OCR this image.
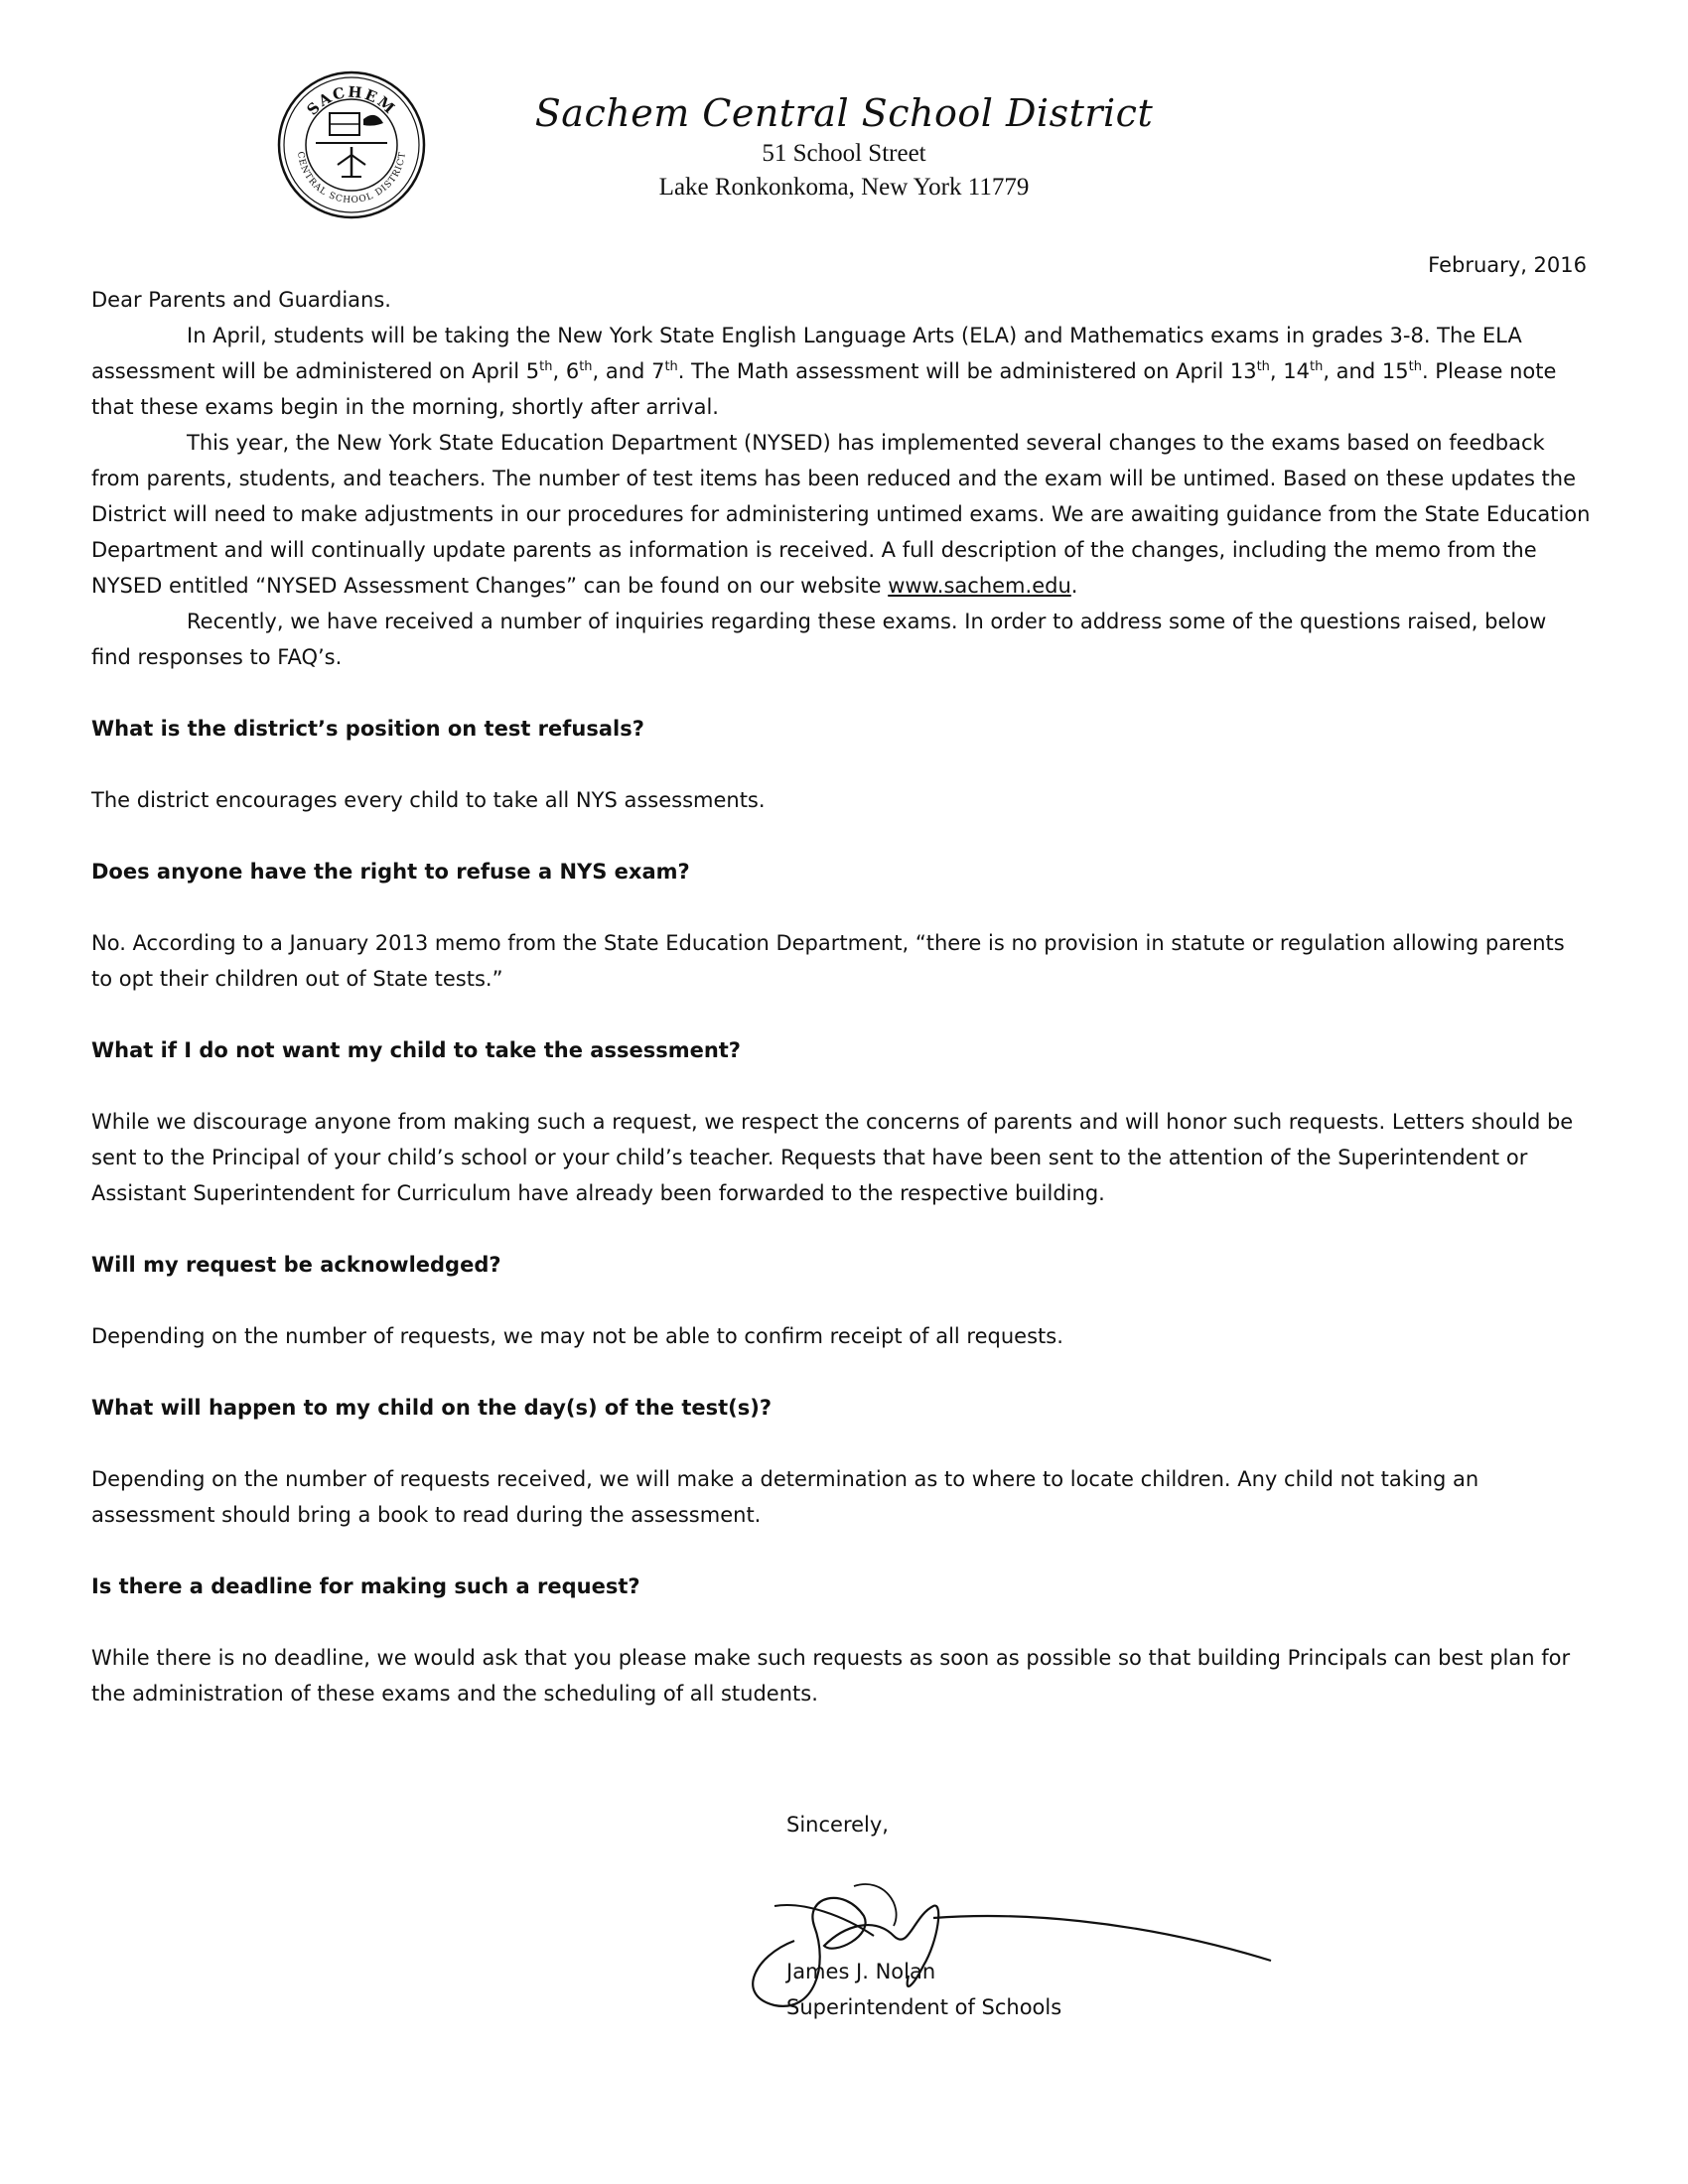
SACHEM
CENTRAL SCHOOL DISTRICT
Sachem Central School District
51 School Street
Lake Ronkonkoma, New York 11779
February, 2016

Dear Parents and Guardians.

In April, students will be taking the New York State English Language Arts (ELA) and Mathematics exams in grades 3-8. The ELA assessment will be administered on April 5th, 6th, and 7th. The Math assessment will be administered on April 13th, 14th, and 15th. Please note that these exams begin in the morning, shortly after arrival.

This year, the New York State Education Department (NYSED) has implemented several changes to the exams based on feedback from parents, students, and teachers. The number of test items has been reduced and the exam will be untimed. Based on these updates the District will need to make adjustments in our procedures for administering untimed exams. We are awaiting guidance from the State Education Department and will continually update parents as information is received. A full description of the changes, including the memo from the NYSED entitled “NYSED Assessment Changes” can be found on our website www.sachem.edu.

Recently, we have received a number of inquiries regarding these exams. In order to address some of the questions raised, below find responses to FAQ’s.

What is the district’s position on test refusals?

The district encourages every child to take all NYS assessments.

Does anyone have the right to refuse a NYS exam?

No. According to a January 2013 memo from the State Education Department, “there is no provision in statute or regulation allowing parents to opt their children out of State tests.”

What if I do not want my child to take the assessment?

While we discourage anyone from making such a request, we respect the concerns of parents and will honor such requests. Letters should be sent to the Principal of your child’s school or your child’s teacher. Requests that have been sent to the attention of the Superintendent or Assistant Superintendent for Curriculum have already been forwarded to the respective building.

Will my request be acknowledged?

Depending on the number of requests, we may not be able to confirm receipt of all requests.

What will happen to my child on the day(s) of the test(s)?

Depending on the number of requests received, we will make a determination as to where to locate children. Any child not taking an assessment should bring a book to read during the assessment.

Is there a deadline for making such a request?

While there is no deadline, we would ask that you please make such requests as soon as possible so that building Principals can best plan for the administration of these exams and the scheduling of all students.

Sincerely,
James J. Nolan
Superintendent of Schools
